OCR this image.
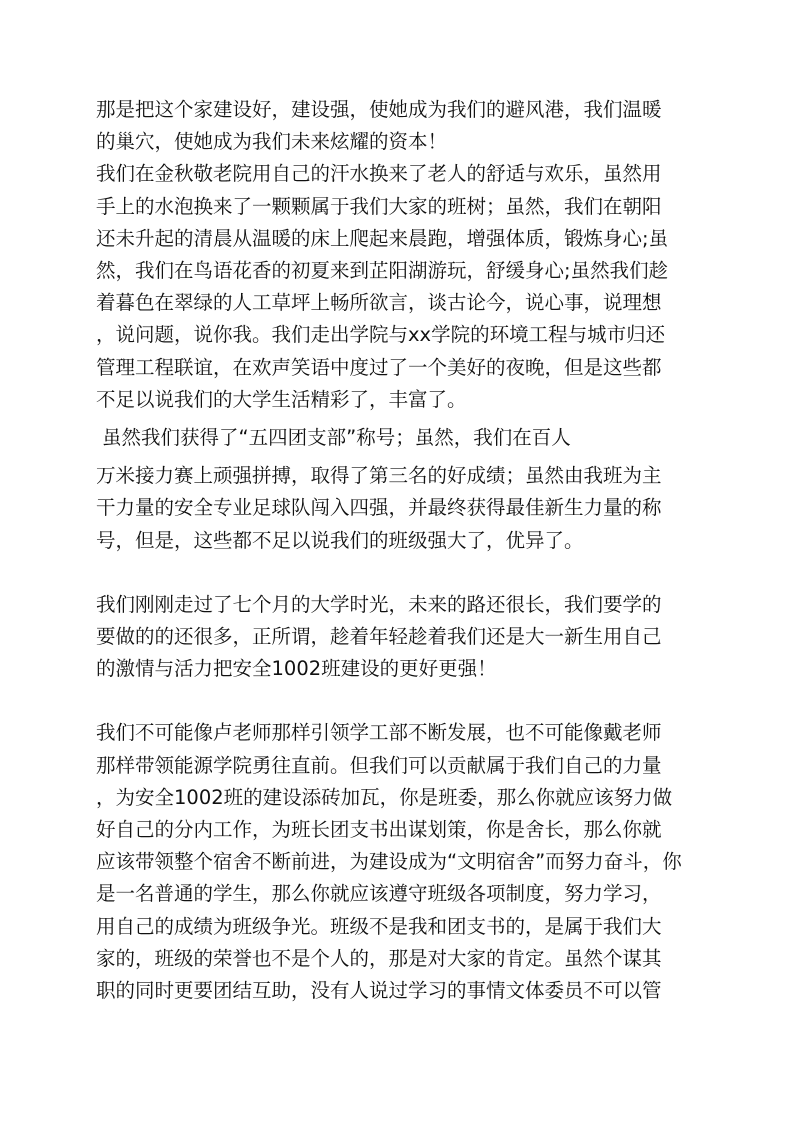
那是把这个家建设好，建设强，使她成为我们的避风港，我们温暖
的巢穴，使她成为我们未来炫耀的资本！
我们在金秋敬老院用自己的汗水换来了老人的舒适与欢乐，虽然用
手上的水泡换来了一颗颗属于我们大家的班树；虽然，我们在朝阳
还未升起的清晨从温暖的床上爬起来晨跑，增强体质，锻炼身心;虽
然，我们在鸟语花香的初夏来到芷阳湖游玩，舒缓身心;虽然我们趁
着暮色在翠绿的人工草坪上畅所欲言，谈古论今，说心事，说理想
，说问题，说你我。我们走出学院与xx学院的环境工程与城市归还
管理工程联谊，在欢声笑语中度过了一个美好的夜晚，但是这些都
不足以说我们的大学生活精彩了，丰富了。

虽然我们获得了“五四团支部”称号；虽然，我们在百人

万米接力赛上顽强拼搏，取得了第三名的好成绩；虽然由我班为主
干力量的安全专业足球队闯入四强，并最终获得最佳新生力量的称
号，但是，这些都不足以说我们的班级强大了，优异了。

我们刚刚走过了七个月的大学时光，未来的路还很长，我们要学的
要做的的还很多，正所谓，趁着年轻趁着我们还是大一新生用自己
的激情与活力把安全1002班建设的更好更强！

我们不可能像卢老师那样引领学工部不断发展，也不可能像戴老师
那样带领能源学院勇往直前。但我们可以贡献属于我们自己的力量
，为安全1002班的建设添砖加瓦，你是班委，那么你就应该努力做
好自己的分内工作，为班长团支书出谋划策，你是舍长，那么你就
应该带领整个宿舍不断前进，为建设成为“文明宿舍”而努力奋斗，你
是一名普通的学生，那么你就应该遵守班级各项制度，努力学习，
用自己的成绩为班级争光。班级不是我和团支书的，是属于我们大
家的，班级的荣誉也不是个人的，那是对大家的肯定。虽然个谋其
职的同时更要团结互助，没有人说过学习的事情文体委员不可以管
